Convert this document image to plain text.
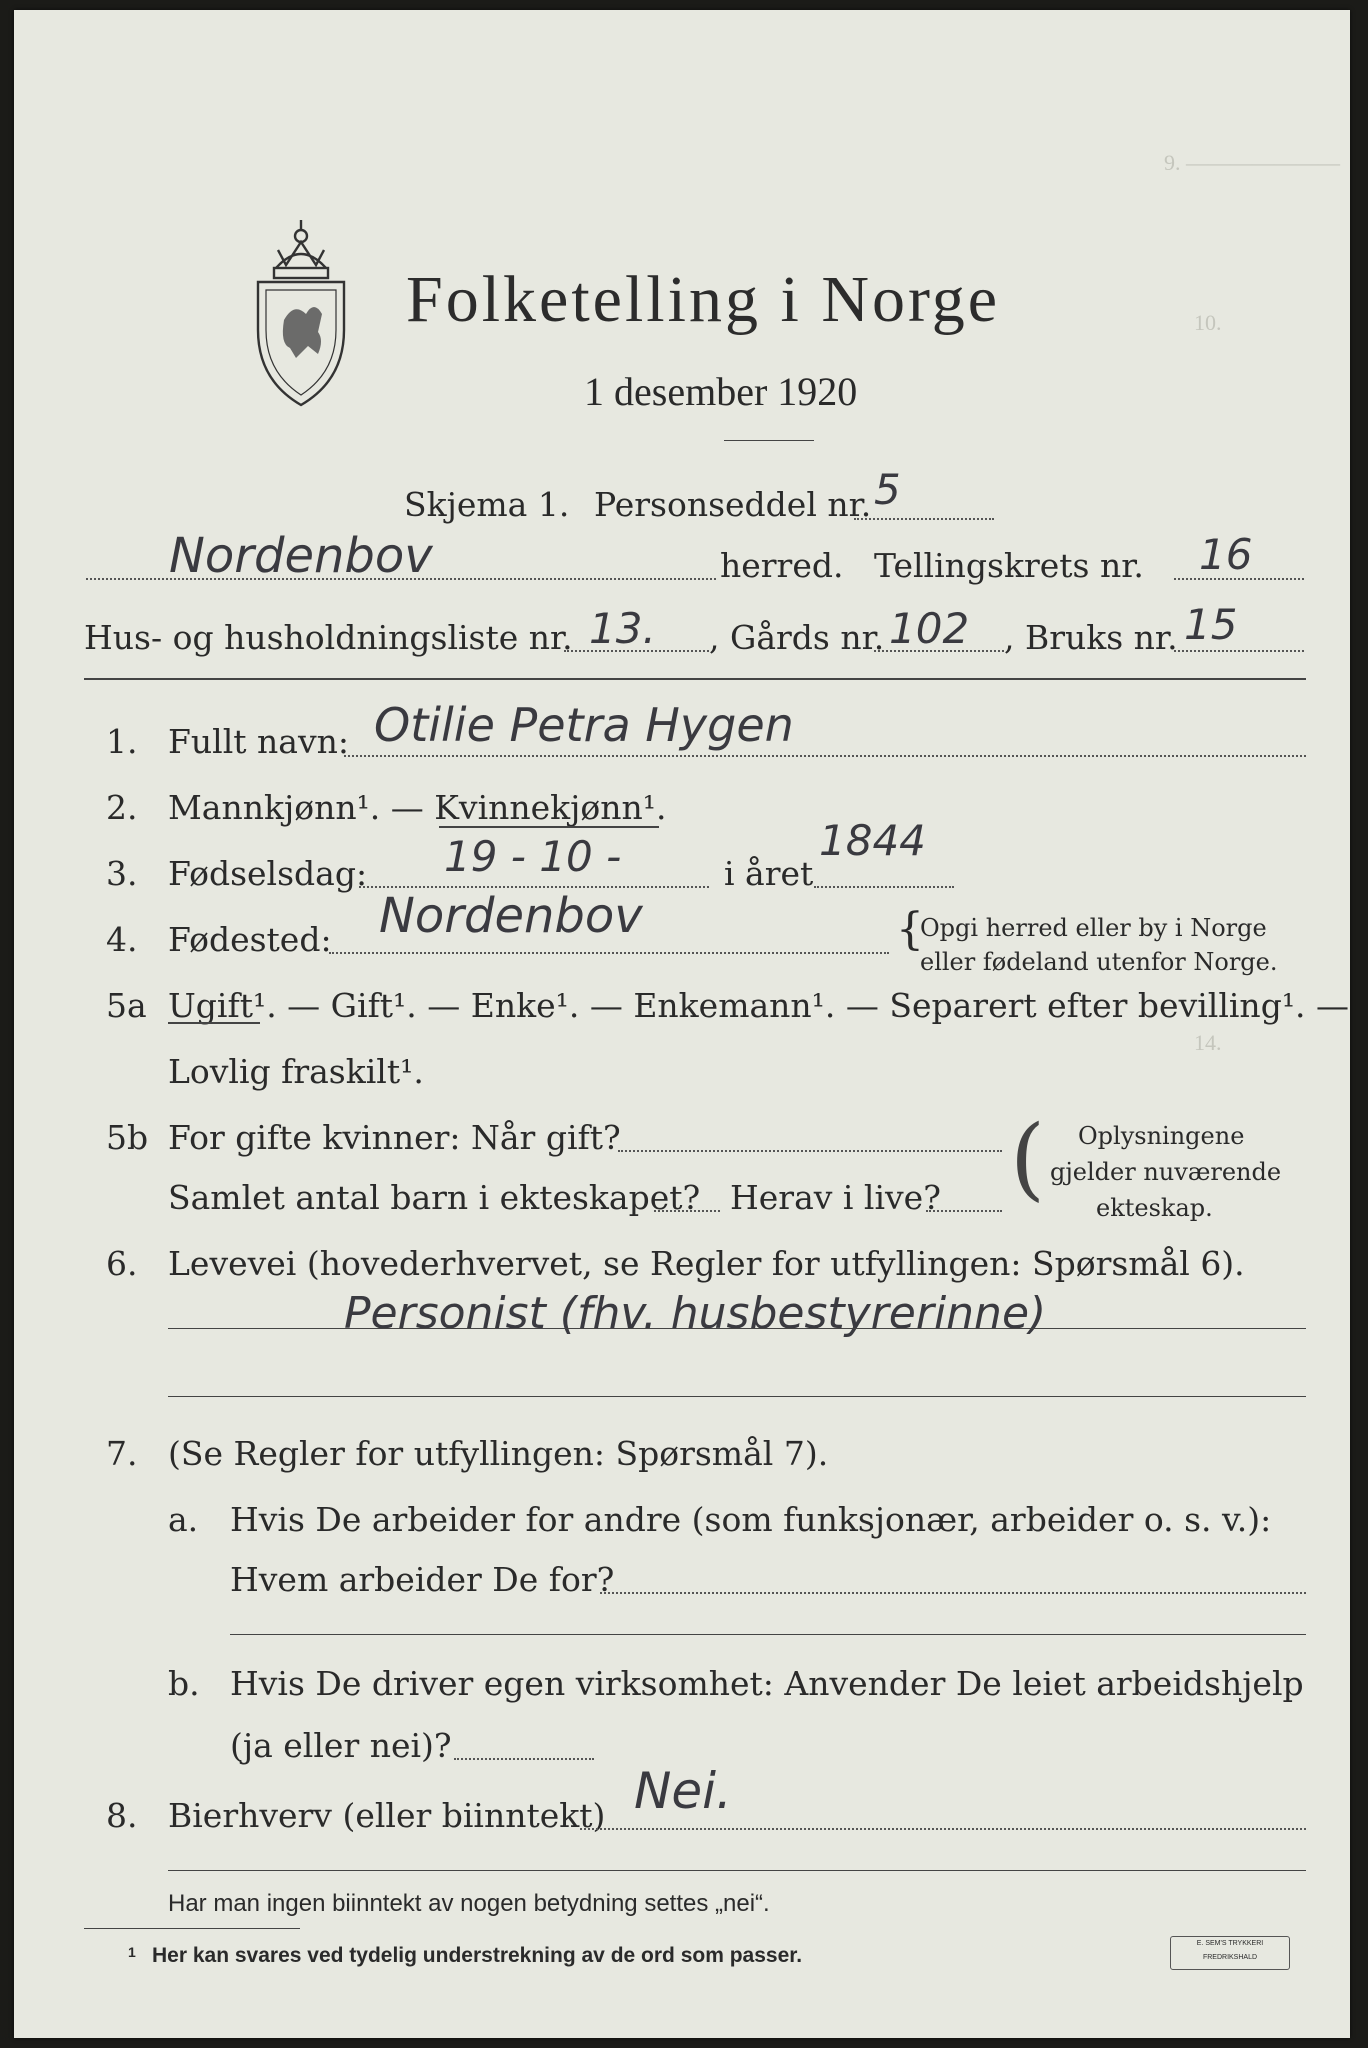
9. ———————
10.
14.
Folketelling i Norge
1 desember 1920
Skjema 1. Personseddel nr. 5
Nordenbov	herred. Tellingskrets nr. 16
Hus- og husholdningsliste nr. 13. , Gårds nr. 102 , Bruks nr. 15
1. Fullt navn: Otilie Petra Hygen
2. Mannkjønn¹. — Kvinnekjønn¹.
3. Fødselsdag: 19 - 10 -	i året
1844
4. Fødested: Nordenbov	{
Opgi herred eller by i Norge
eller fødeland utenfor Norge.
5a Ugift¹. — Gift¹. — Enke¹. — Enkemann¹. — Separert efter bevilling¹. —
Lovlig fraskilt¹.
5b For gifte kvinner: Når gift?
Samlet antal barn i ekteskapet? Herav i live? ( Oplysningene
gjelder nuværende
ekteskap.
6. Levevei (hovederhvervet, se Regler for utfyllingen: Spørsmål 6).
Personist (fhv. husbestyrerinne)
7. (Se Regler for utfyllingen: Spørsmål 7).
a. Hvis De arbeider for andre (som funksjonær, arbeider o. s. v.):
Hvem arbeider De for?
b. Hvis De driver egen virksomhet: Anvender De leiet arbeidshjelp
(ja eller nei)?
8. Bierhverv (eller biinntekt) Nei.
Har man ingen biinntekt av nogen betydning settes „nei“.
1 Her kan svares ved tydelig understrekning av de ord som passer.
E. SEM'S TRYKKERI FREDRIKSHALD
